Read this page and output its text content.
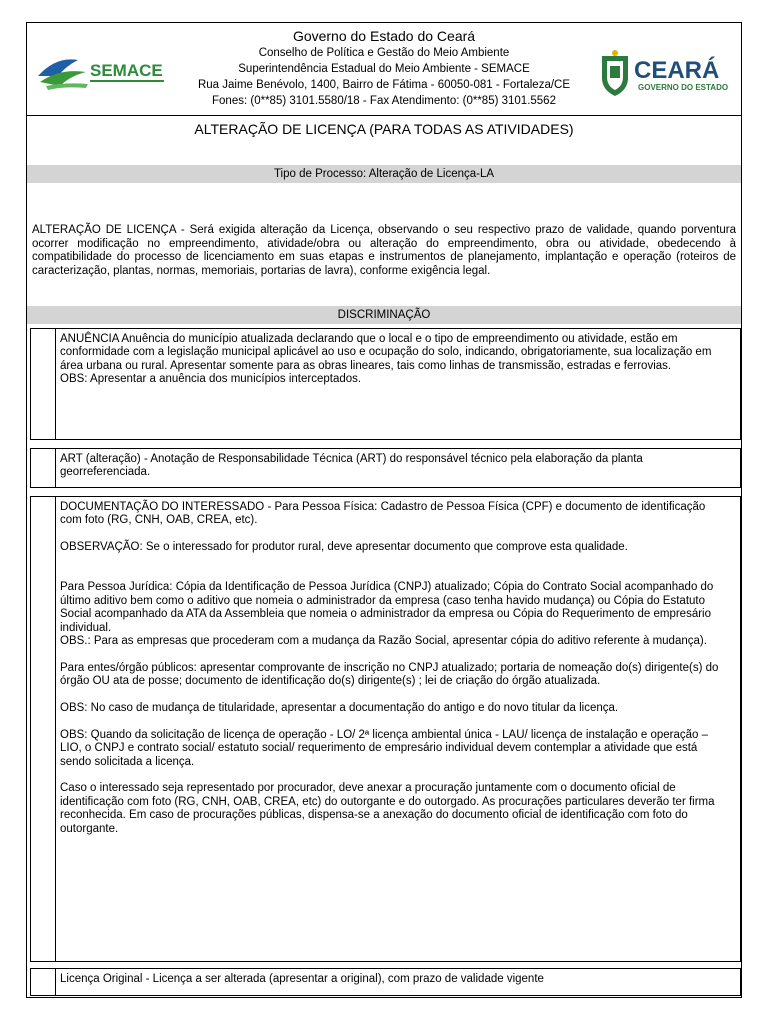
SEMACE
Governo do Estado do Ceará
Conselho de Política e Gestão do Meio Ambiente
Superintendência Estadual do Meio Ambiente - SEMACE
Rua Jaime Benévolo, 1400, Bairro de Fátima - 60050-081 - Fortaleza/CE
Fones: (0**85) 3101.5580/18 - Fax Atendimento: (0**85) 3101.5562
CEARÁ
GOVERNO DO ESTADO
ALTERAÇÃO DE LICENÇA (PARA TODAS AS ATIVIDADES)
Tipo de Processo: Alteração de Licença-LA
ALTERAÇÃO DE LICENÇA - Será exigida alteração da Licença, observando o seu respectivo prazo de validade, quando porventura ocorrer modificação no empreendimento, atividade/obra ou alteração do empreendimento, obra ou atividade, obedecendo à compatibilidade do processo de licenciamento em suas etapas e instrumentos de planejamento, implantação e operação (roteiros de caracterização, plantas, normas, memoriais, portarias de lavra), conforme exigência legal.
DISCRIMINAÇÃO

ANUÊNCIA Anuência do município atualizada declarando que o local e o tipo de empreendimento ou atividade, estão em conformidade com a legislação municipal aplicável ao uso e ocupação do solo, indicando, obrigatoriamente, sua localização em área urbana ou rural. Apresentar somente para as obras lineares, tais como linhas de transmissão, estradas e ferrovias.

OBS: Apresentar a anuência dos municípios interceptados.

ART (alteração) - Anotação de Responsabilidade Técnica (ART) do responsável técnico pela elaboração da planta georreferenciada.

DOCUMENTAÇÃO DO INTERESSADO - Para Pessoa Física: Cadastro de Pessoa Física (CPF) e documento de identificação com foto (RG, CNH, OAB, CREA, etc).

OBSERVAÇÃO: Se o interessado for produtor rural, deve apresentar documento que comprove esta qualidade.

Para Pessoa Jurídica: Cópia da Identificação de Pessoa Jurídica (CNPJ) atualizado; Cópia do Contrato Social acompanhado do último aditivo bem como o aditivo que nomeia o administrador da empresa (caso tenha havido mudança) ou Cópia do Estatuto Social acompanhado da ATA da Assembleia que nomeia o administrador da empresa ou Cópia do Requerimento de empresário individual.

OBS.: Para as empresas que procederam com a mudança da Razão Social, apresentar cópia do aditivo referente à mudança).

Para entes/órgão públicos: apresentar comprovante de inscrição no CNPJ atualizado; portaria de nomeação do(s) dirigente(s) do órgão OU ata de posse; documento de identificação do(s) dirigente(s) ; lei de criação do órgão atualizada.

OBS: No caso de mudança de titularidade, apresentar a documentação do antigo e do novo titular da licença.

OBS: Quando da solicitação de licença de operação - LO/ 2ª licença ambiental única - LAU/ licença de instalação e operação – LIO, o CNPJ e contrato social/ estatuto social/ requerimento de empresário individual devem contemplar a atividade que está sendo solicitada a licença.

Caso o interessado seja representado por procurador, deve anexar a procuração juntamente com o documento oficial de identificação com foto (RG, CNH, OAB, CREA, etc) do outorgante e do outorgado. As procurações particulares deverão ter firma reconhecida. Em caso de procurações públicas, dispensa-se a anexação do documento oficial de identificação com foto do outorgante.

Licença Original - Licença a ser alterada (apresentar a original), com prazo de validade vigente
